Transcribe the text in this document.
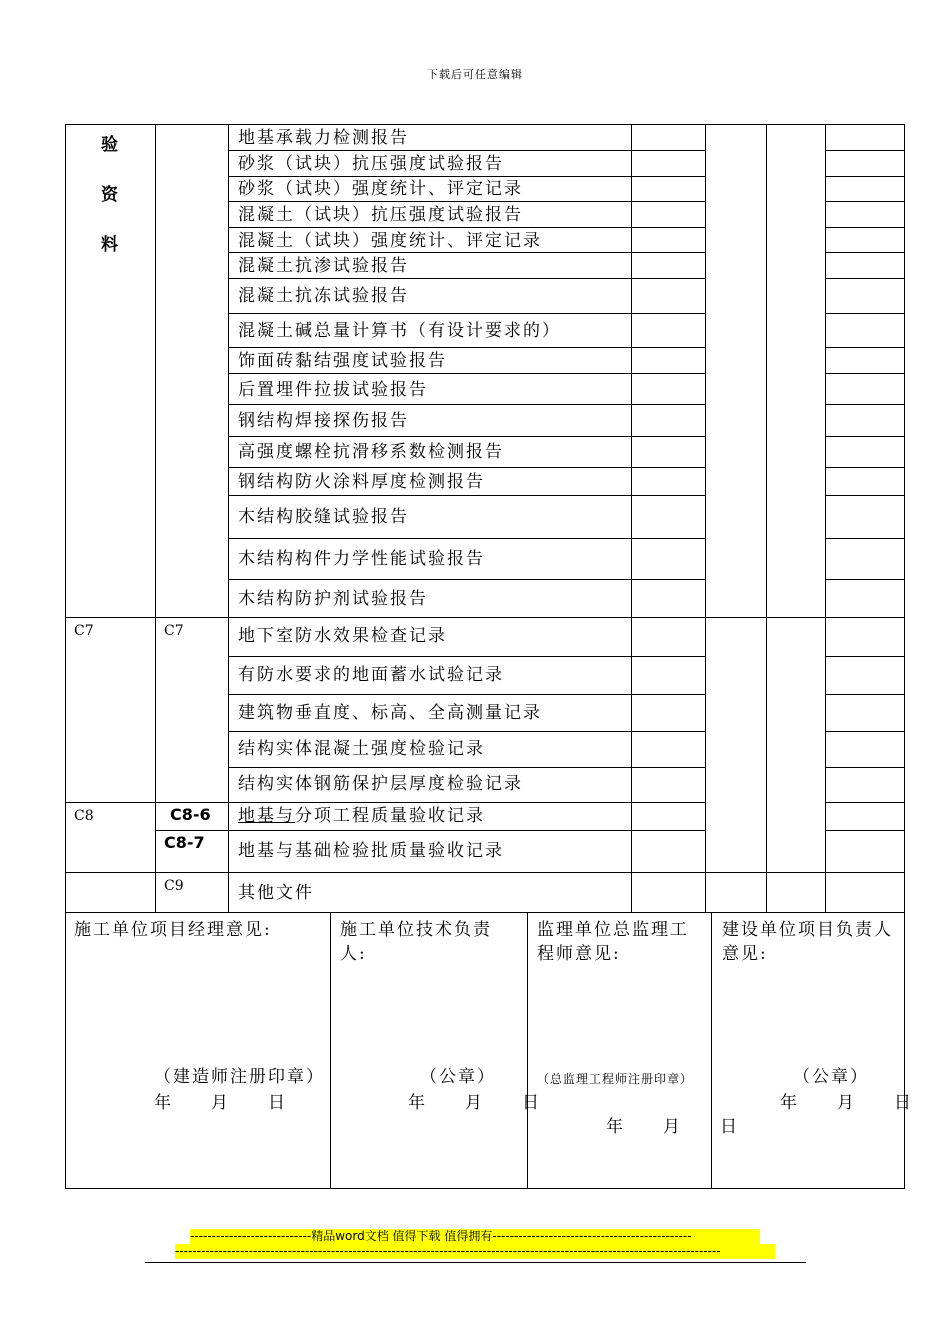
下载后可任意编辑
验
资
料
地基承载力检测报告
砂浆（试块）抗压强度试验报告
砂浆（试块）强度统计、评定记录
混凝土（试块）抗压强度试验报告
混凝土（试块）强度统计、评定记录
混凝土抗渗试验报告
混凝土抗冻试验报告
混凝土碱总量计算书（有设计要求的）
饰面砖黏结强度试验报告
后置埋件拉拔试验报告
钢结构焊接探伤报告
高强度螺栓抗滑移系数检测报告
钢结构防火涂料厚度检测报告
木结构胶缝试验报告
木结构构件力学性能试验报告
木结构防护剂试验报告
C7	C7	地下室防水效果检查记录
有防水要求的地面蓄水试验记录
建筑物垂直度、标高、全高测量记录
结构实体混凝土强度检验记录
结构实体钢筋保护层厚度检验记录
C8	C8-6 地基与分项工程质量验收记录
C8-7 地基与基础检验批质量验收记录
C9	其他文件
施工单位项目经理意见:
（建造师注册印章）
年　　月　　日
施工单位技术负责人:
（公章）
年　　月　　日
监理单位总监理工程师意见:
（总监理工程师注册印章）
年　　月　　日
建设单位项目负责人意见:
（公章）
年　　月　　日
----------------------------精品word文档 值得下载 值得拥有----------------------------------------------
------------------------------------------------------------------------------------------------------------------------------
